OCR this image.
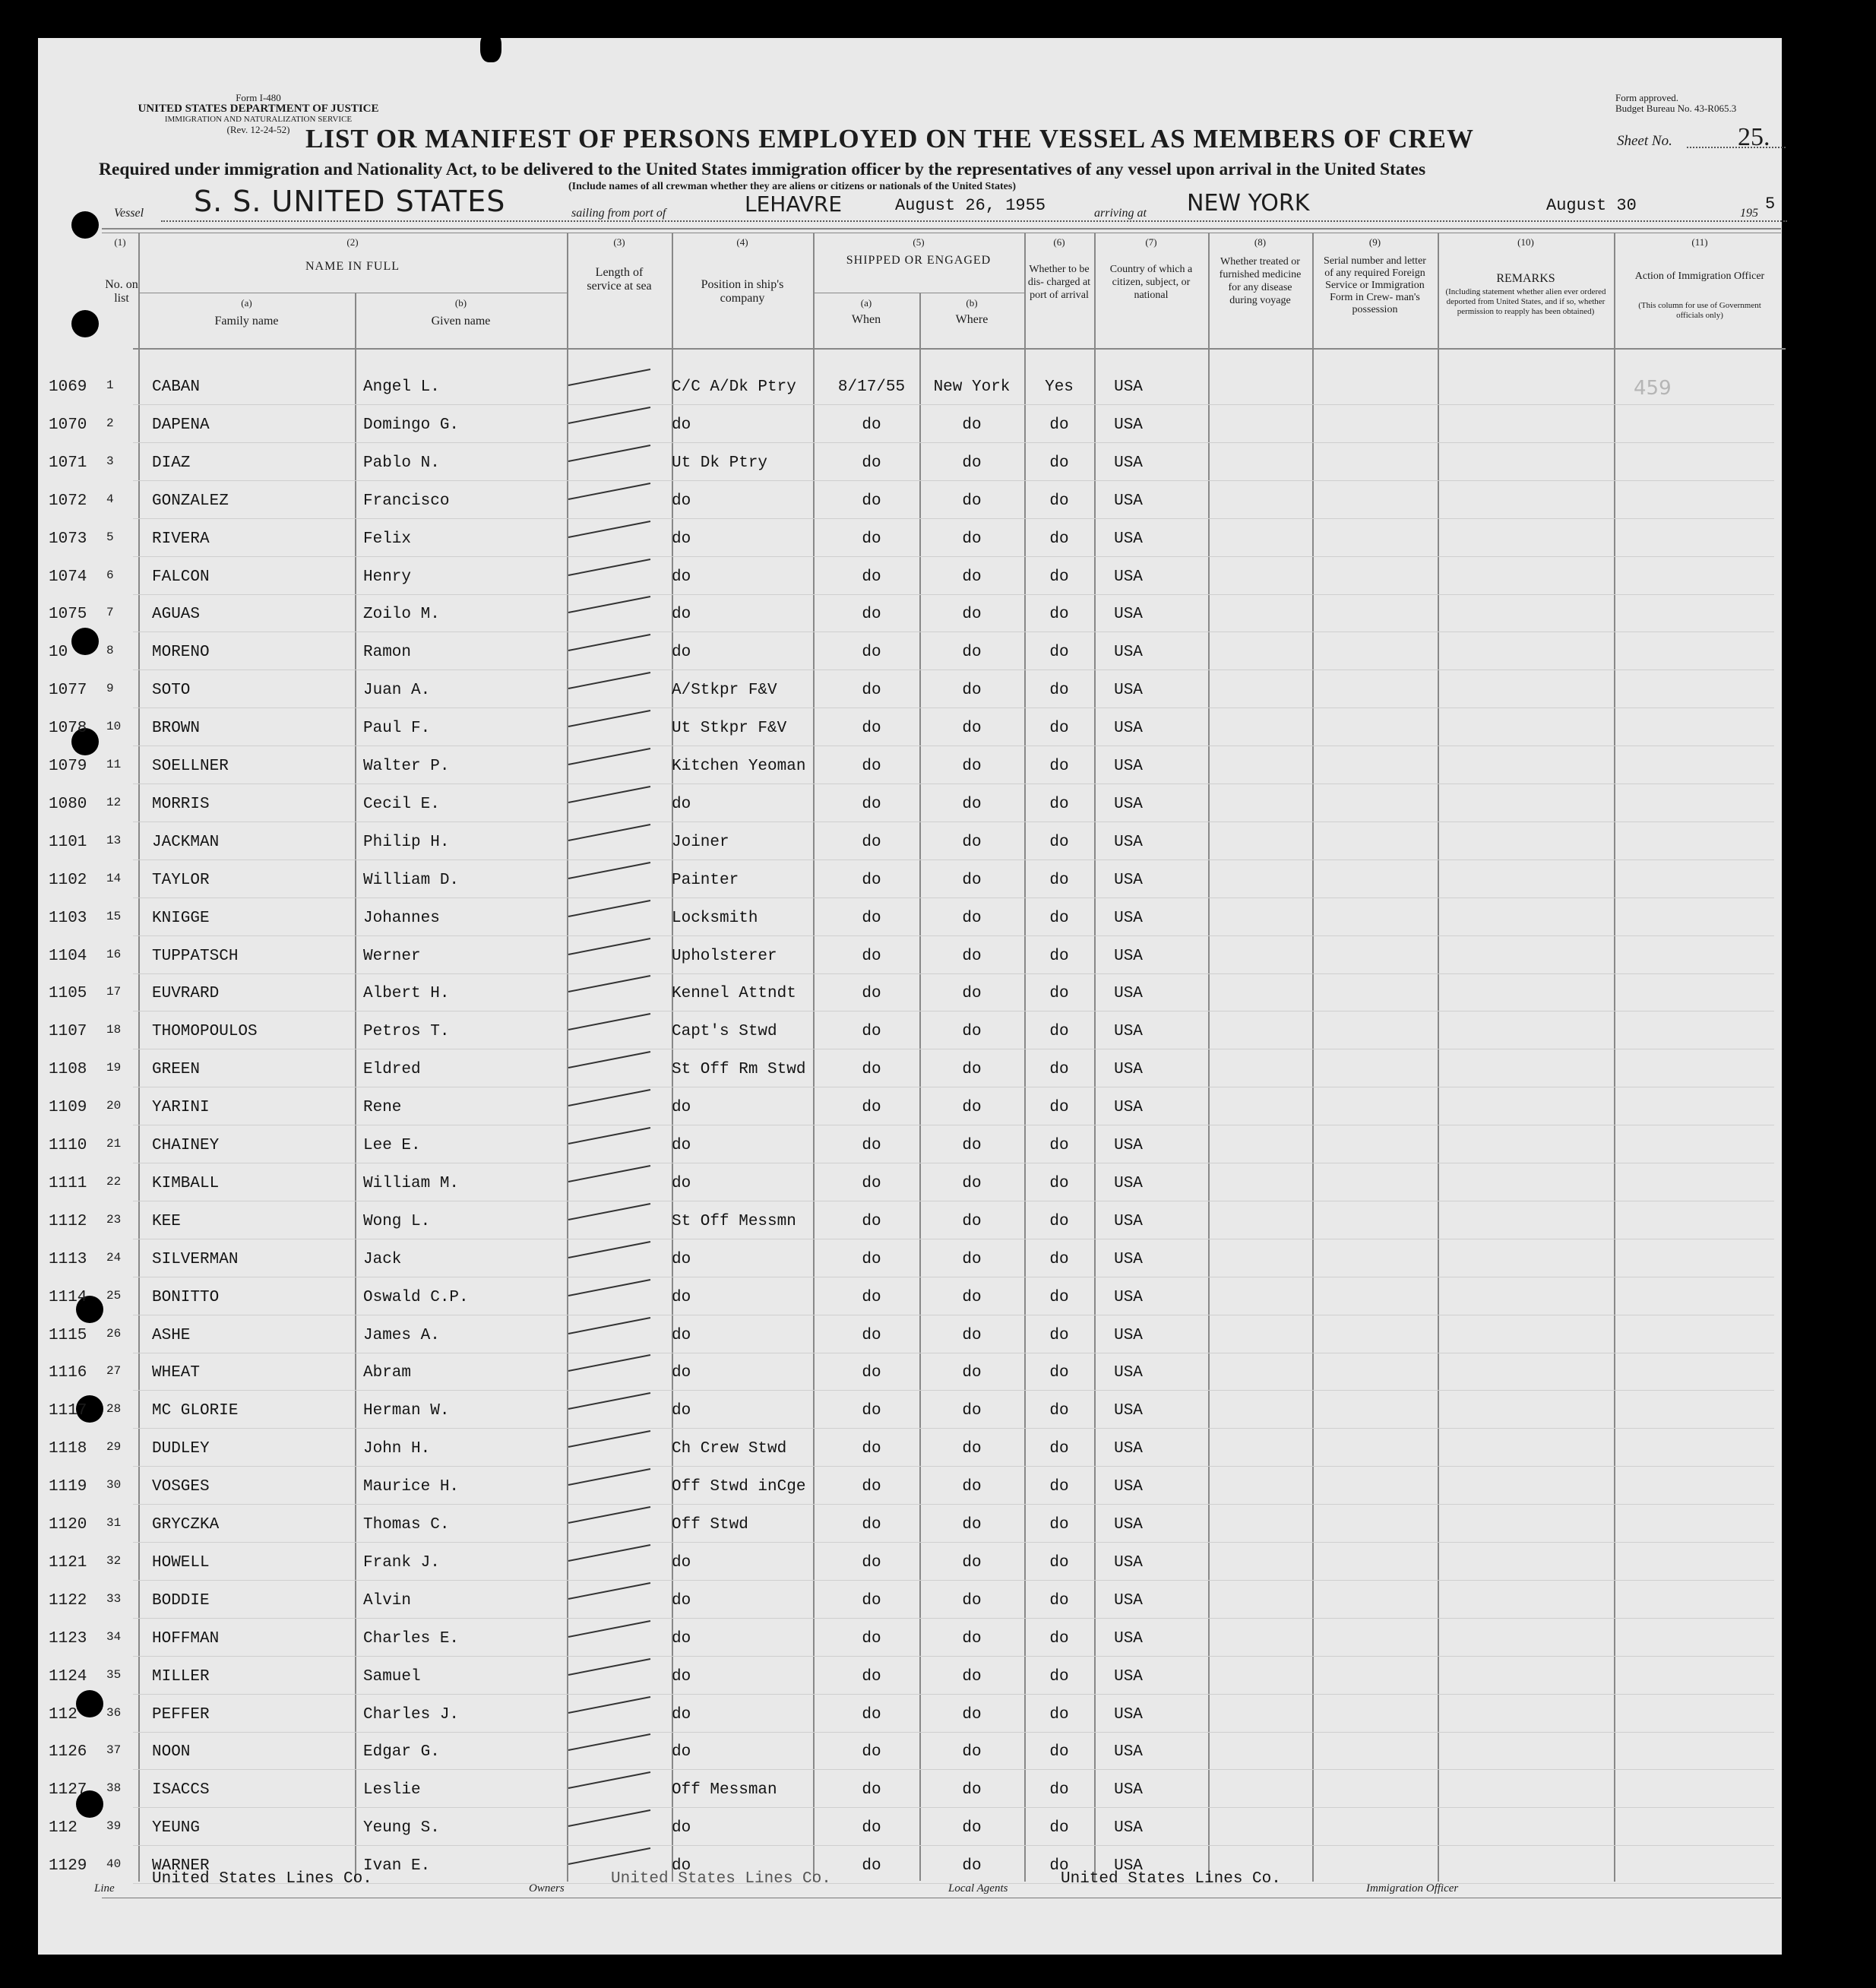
Form I-480
UNITED STATES DEPARTMENT OF JUSTICE
IMMIGRATION AND NATURALIZATION SERVICE
(Rev. 12-24-52)
Form approved.
Budget Bureau No. 43-R065.3
LIST OR MANIFEST OF PERSONS EMPLOYED ON THE VESSEL AS MEMBERS OF CREW	Sheet No.	25.
Required under immigration and Nationality Act, to be delivered to the United States immigration officer by the representatives of any vessel upon arrival in the United States
(Include names of all crewman whether they are aliens or citizens or nationals of the United States)
Vessel S. S. UNITED STATES	sailing from port of	LEHAVRE	August 26, 1955	arriving at NEW YORK	August 30	195 5
(1)
No. on list
(2)
NAME IN FULL
(a)
Family name
(b)
Given name
(3)
Length of service at sea
(4)
Position in ship's company
(5)
SHIPPED OR ENGAGED
(a)
When
(b)
Where
(6)
Whether to be dis- charged at port of arrival
(7)
Country of which a citizen, subject, or national
(8)
Whether treated or furnished medicine for any disease during voyage
(9)
Serial number and letter of any required Foreign Service or Immigration Form in Crew- man's possession
(10)
REMARKS
(Including statement whether alien ever ordered deported from United States, and if so, whether permission to reapply has been obtained)
(11)
Action of Immigration Officer
(This column for use of Government officials only)
459
1069 1 CABAN	Angel L.	C/C A/Dk Ptry	8/17/55	New York	Yes	USA
1070 2 DAPENA	Domingo G.	do	do	do	do	USA
1071 3 DIAZ	Pablo N.	Ut Dk Ptry	do	do	do	USA
1072 4 GONZALEZ	Francisco	do	do	do	do	USA
1073 5 RIVERA	Felix	do	do	do	do	USA
1074 6 FALCON	Henry	do	do	do	do	USA
1075 7 AGUAS	Zoilo M.	do	do	do	do	USA
10	8 MORENO	Ramon	do	do	do	do	USA
1077 9 SOTO	Juan A.	A/Stkpr F&V	do	do	do	USA
1078 10 BROWN	Paul F.	Ut Stkpr F&V	do	do	do	USA
1079 11 SOELLNER	Walter P.	Kitchen Yeoman	do	do	do	USA
1080 12 MORRIS	Cecil E.	do	do	do	do	USA
1101 13 JACKMAN	Philip H.	Joiner	do	do	do	USA
1102 14 TAYLOR	William D.	Painter	do	do	do	USA
1103 15 KNIGGE	Johannes	Locksmith	do	do	do	USA
1104 16 TUPPATSCH	Werner	Upholsterer	do	do	do	USA
1105 17 EUVRARD	Albert H.	Kennel Attndt	do	do	do	USA
1107 18 THOMOPOULOS	Petros T.	Capt's Stwd	do	do	do	USA
1108 19 GREEN	Eldred	St Off Rm Stwd	do	do	do	USA
1109 20 YARINI	Rene	do	do	do	do	USA
1110 21 CHAINEY	Lee E.	do	do	do	do	USA
1111 22 KIMBALL	William M.	do	do	do	do	USA
1112 23 KEE	Wong L.	St Off Messmn	do	do	do	USA
1113 24 SILVERMAN	Jack	do	do	do	do	USA
1114 25 BONITTO	Oswald C.P.	do	do	do	do	USA
1115 26 ASHE	James A.	do	do	do	do	USA
1116 27 WHEAT	Abram	do	do	do	do	USA
1117 28 MC GLORIE	Herman W.	do	do	do	do	USA
1118 29 DUDLEY	John H.	Ch Crew Stwd	do	do	do	USA
1119 30 VOSGES	Maurice H.	Off Stwd inCge	do	do	do	USA
1120 31 GRYCZKA	Thomas C.	Off Stwd	do	do	do	USA
1121 32 HOWELL	Frank J.	do	do	do	do	USA
1122 33 BODDIE	Alvin	do	do	do	do	USA
1123 34 HOFFMAN	Charles E.	do	do	do	do	USA
1124 35 MILLER	Samuel	do	do	do	do	USA
112 36 PEFFER	Charles J.	do	do	do	do	USA
1126 37 NOON	Edgar G.	do	do	do	do	USA
1127 38 ISACCS	Leslie	Off Messman	do	do	do	USA
112 39 YEUNG	Yeung S.	do	do	do	do	USA
1129 40 WARNER	Ivan E.	do	do	do	do	USA
Line
United States Lines Co.
Owners
United States Lines Co.
Local Agents
United States Lines Co.
Immigration Officer
